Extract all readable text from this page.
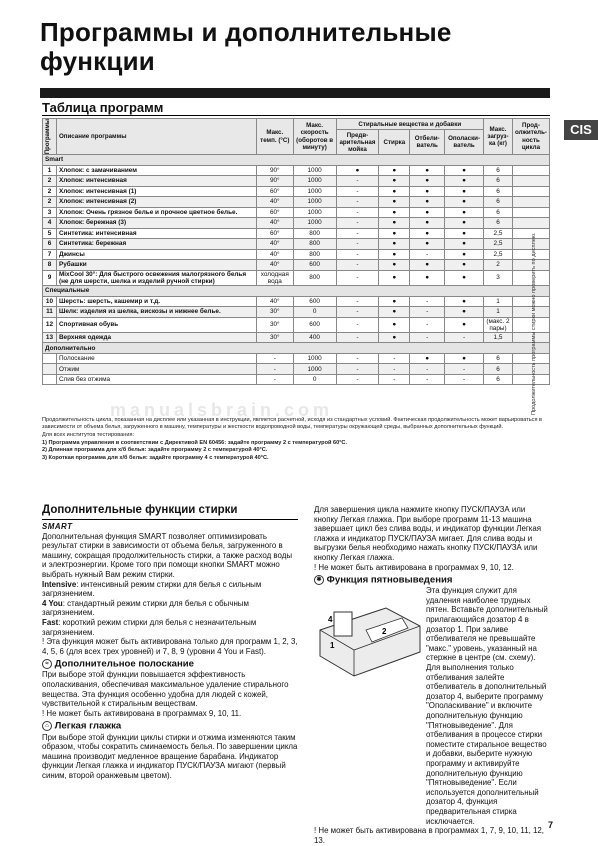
Программы и дополнительные функции
CIS
Таблица программ
Программы	Описание программы	Макс. темп. (°C)	Макс. скорость (оборотов в минуту)	Стиральные вещества и добавки				Макс. загруз-ка (кг)	Прод-олжитель-ность цикла
				Предв-арительная мойка	Стирка	Отбели-ватель	Ополаски-ватель		
Smart									
1	Хлопок: с замачиванием	90°	1000	●	●	●	●	6	
2	Хлопок: интенсивная	90°	1000	-	●	●	●	6	
2	Хлопок: интенсивная (1)	60°	1000	-	●	●	●	6	
2	Хлопок: интенсивная (2)	40°	1000	-	●	●	●	6	
3	Хлопок: Очень грязное белье и прочное цветное белье.	60°	1000	-	●	●	●	6	
4	Хлопок: бережная (3)	40°	1000	-	●	●	●	6	
5	Синтетика: интенсивная	60°	800	-	●	●	●	2,5	
6	Синтетика: бережная	40°	800	-	●	●	●	2,5	
7	Джинсы	40°	800	-	●	-	●	2,5	
8	Рубашки	40°	600	-	●	●	●	2	
9	MixCool 30°: Для быстрого освежения малогрязного белья (не для шерсти, шелка и изделий ручной стирки)	холодная вода	800	-	●	●	●	3	
Специальные									
10	Шерсть: шерсть, кашемир и т.д.	40°	600	-	●	-	●	1	
11	Шелк: изделия из шелка, вискозы и нижнее белье.	30°	0	-	●	-	●	1	
12	Спортивная обувь	30°	600	-	●	-	●	(макс. 2 пары)	
13	Верхняя одежда	30°	400	-	●	-	-	1,5	
Дополнительно									
	Полоскание	-	1000	-	-	●	●	6	
	Отжим	-	1000	-	-	-	-	6	
	Слив без отжима	-	0	-	-	-	-	6		Продолжительность программы стирки можно проверить по дисплею.
manualsbrain.com

Продолжительность цикла, показанная на дисплее или указанная в инструкции, является расчетной, исходя из стандартных условий. Фактическая продолжительность может варьироваться в зависимости от объема белья, загруженного в машину, температуры и жесткости водопроводной воды, температуры окружающей среды, выбранных дополнительных функций.

Для всех институтов тестирования:

1) Программа управления в соответствии с Директивой EN 60456: задайте программу 2 с температурой 60°C.

2) Длинная программа для х/б белья: задайте программу 2 с температурой 40°C.

3) Короткая программа для х/б белья: задайте программу 4 с температурой 40°C.

Дополнительные функции стирки

SMART

Дополнительная функция SMART позволяет оптимизировать результат стирки в зависимости от объема белья, загруженного в машину, сокращая продолжительность стирки, а также расход воды и электроэнергии. Кроме того при помощи кнопки SMART можно выбрать нужный Вам режим стирки.

Intensive: интенсивный режим стирки для белья с сильным загрязнением.

4 You: стандартный режим стирки для белья с обычным загрязнением.

Fast: короткий режим стирки для белья с незначительным загрязнением.

! Эта функция может быть активирована только для программ 1, 2, 3, 4, 5, 6 (для всех трех уровней) и 7, 8, 9 (уровни 4 You и Fast).

≈ Дополнительное полоскание

При выборе этой функции повышается эффективность ополаскивания, обеспечивая максимальное удаление стирального вещества. Эта функция особенно удобна для людей с кожей, чувствительной к стиральным веществам.

! Не может быть активирована в программах 9, 10, 11.

⌂ Легкая глажка

При выборе этой функции циклы стирки и отжима изменяются таким образом, чтобы сократить сминаемость белья. По завершении цикла машина производит медленное вращение барабана. Индикатор функции Легкая глажка и индикатор ПУСК/ПАУЗА мигают (первый синим, второй оранжевым цветом).

Для завершения цикла нажмите кнопку ПУСК/ПАУЗА или кнопку Легкая глажка. При выборе программ 11-13 машина завершает цикл без слива воды, и индикатор функции Легкая глажка и индикатор ПУСК/ПАУЗА мигает. Для слива воды и выгрузки белья необходимо нажать кнопку ПУСК/ПАУЗА или кнопку Легкая глажка.

! Не может быть активирована в программах 9, 10, 12.

✱ Функция пятновыведения

Эта функция служит для удаления наиболее трудных пятен. Вставьте дополнительный прилагающийся дозатор 4 в дозатор 1. При заливе отбеливателя не превышайте "макс." уровень, указанный на стержне в центре (см. схему). Для выполнения только отбеливания залейте отбеливатель в дополнительный дозатор 4, выберите программу "Ополаскивание" и включите дополнительную функцию "Пятновыведение". Для отбеливания в процессе стирки поместите стиральное вещество и добавки, выберите нужную программу и активируйте дополнительную функцию "Пятновыведение". Если используется дополнительный дозатор 4, функция предварительная стирка исключается.

! Не может быть активирована в программах 1, 7, 9, 10, 11, 12, 13.

4
1
2
7
